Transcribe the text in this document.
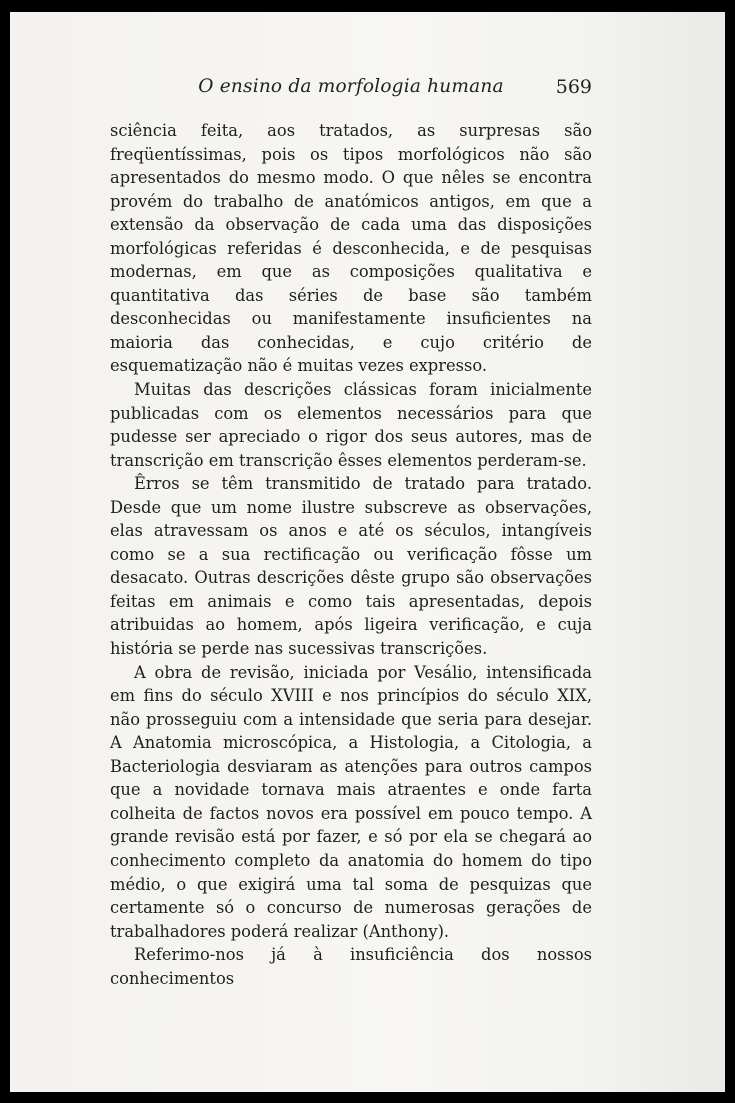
O ensino da morfologia humana	569

sciência feita, aos tratados, as surpresas são freqüentíssimas, pois os tipos morfológicos não são apresentados do mesmo modo. O que nêles se encontra provém do trabalho de anatómicos antigos, em que a extensão da observação de cada uma das disposições morfológicas referidas é desconhecida, e de pesquisas modernas, em que as composições qualitativa e quantitativa das séries de base são também desconhecidas ou manifestamente insuficientes na maioria das conhecidas, e cujo critério de esquematização não é muitas vezes expresso.

Muitas das descrições clássicas foram inicialmente publicadas com os elementos necessários para que pudesse ser apreciado o rigor dos seus autores, mas de transcrição em transcrição êsses elementos perderam-se.

Êrros se têm transmitido de tratado para tratado. Desde que um nome ilustre subscreve as observações, elas atravessam os anos e até os séculos, intangíveis como se a sua rectificação ou verificação fôsse um desacato. Outras descrições dêste grupo são observações feitas em animais e como tais apresentadas, depois atribuidas ao homem, após ligeira verificação, e cuja história se perde nas sucessivas transcrições.

A obra de revisão, iniciada por Vesálio, intensificada em fins do século XVIII e nos princípios do século XIX, não prosseguiu com a intensidade que seria para desejar. A Anatomia microscópica, a Histologia, a Citologia, a Bacteriologia desviaram as atenções para outros campos que a novidade tornava mais atraentes e onde farta colheita de factos novos era possível em pouco tempo. A grande revisão está por fazer, e só por ela se chegará ao conhecimento completo da anatomia do homem do tipo médio, o que exigirá uma tal soma de pesquizas que certamente só o concurso de numerosas gerações de trabalhadores poderá realizar (Anthony).

Referimo-nos já à insuficiência dos nossos conhecimentos
